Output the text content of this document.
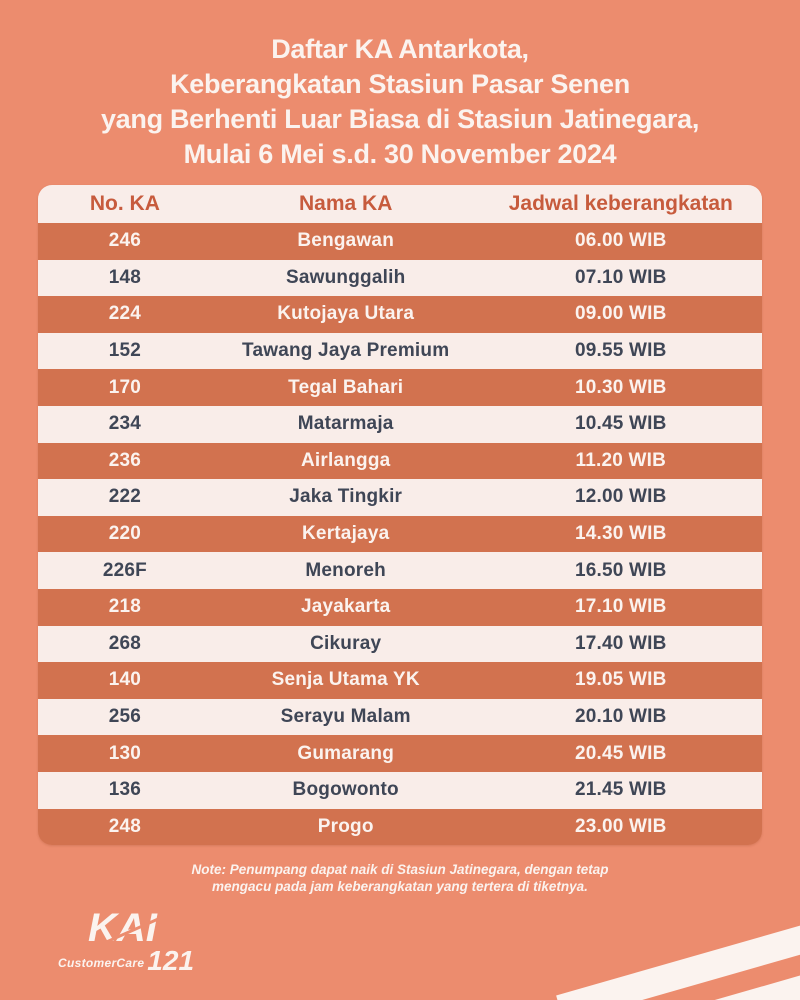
Daftar KA Antarkota,
Keberangkatan Stasiun Pasar Senen
yang Berhenti Luar Biasa di Stasiun Jatinegara,
Mulai 6 Mei s.d. 30 November 2024
No. KA	Nama KA	Jadwal keberangkatan
246	Bengawan	06.00 WIB
148	Sawunggalih	07.10 WIB
224	Kutojaya Utara	09.00 WIB
152	Tawang Jaya Premium	09.55 WIB
170	Tegal Bahari	10.30 WIB
234	Matarmaja	10.45 WIB
236	Airlangga	11.20 WIB
222	Jaka Tingkir	12.00 WIB
220	Kertajaya	14.30 WIB
226F	Menoreh	16.50 WIB
218	Jayakarta	17.10 WIB
268	Cikuray	17.40 WIB
140	Senja Utama YK	19.05 WIB
256	Serayu Malam	20.10 WIB
130	Gumarang	20.45 WIB
136	Bogowonto	21.45 WIB
248	Progo	23.00 WIB
Note: Penumpang dapat naik di Stasiun Jatinegara, dengan tetap
mengacu pada jam keberangkatan yang tertera di tiketnya.
KAI
CustomerCare 121
